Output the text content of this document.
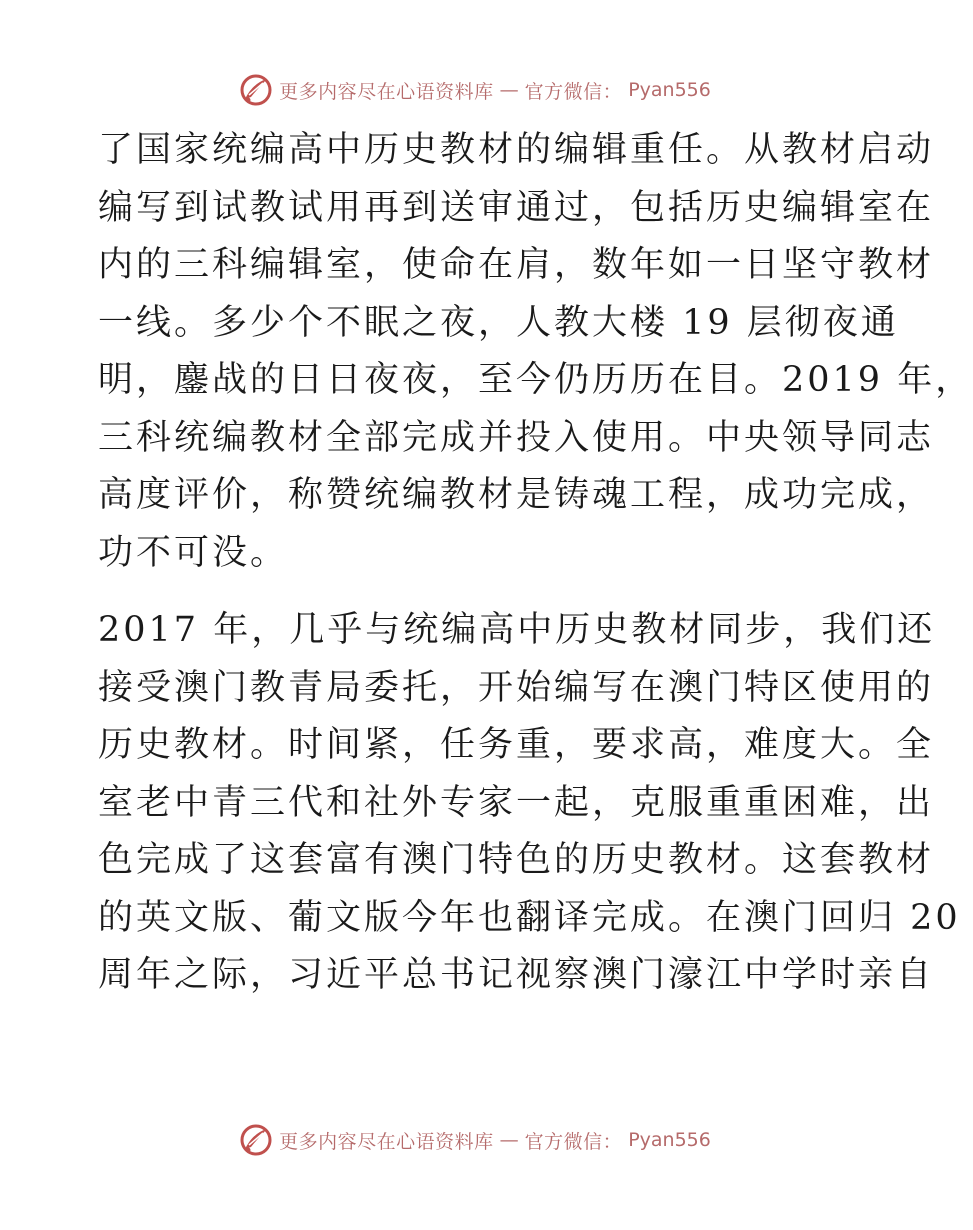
更多内容尽在心语资料库 — 官方微信： Pyan556
了国家统编高中历史教材的编辑重任。从教材启动
编写到试教试用再到送审通过，包括历史编辑室在
内的三科编辑室，使命在肩，数年如一日坚守教材
一线。多少个不眠之夜，人教大楼 19 层彻夜通
明，鏖战的日日夜夜，至今仍历历在目。2019 年，
三科统编教材全部完成并投入使用。中央领导同志
高度评价，称赞统编教材是铸魂工程，成功完成，
功不可没。
2017 年，几乎与统编高中历史教材同步，我们还
接受澳门教青局委托，开始编写在澳门特区使用的
历史教材。时间紧，任务重，要求高，难度大。全
室老中青三代和社外专家一起，克服重重困难，出
色完成了这套富有澳门特色的历史教材。这套教材
的英文版、葡文版今年也翻译完成。在澳门回归 20
周年之际，习近平总书记视察澳门濠江中学时亲自
更多内容尽在心语资料库 — 官方微信： Pyan556
